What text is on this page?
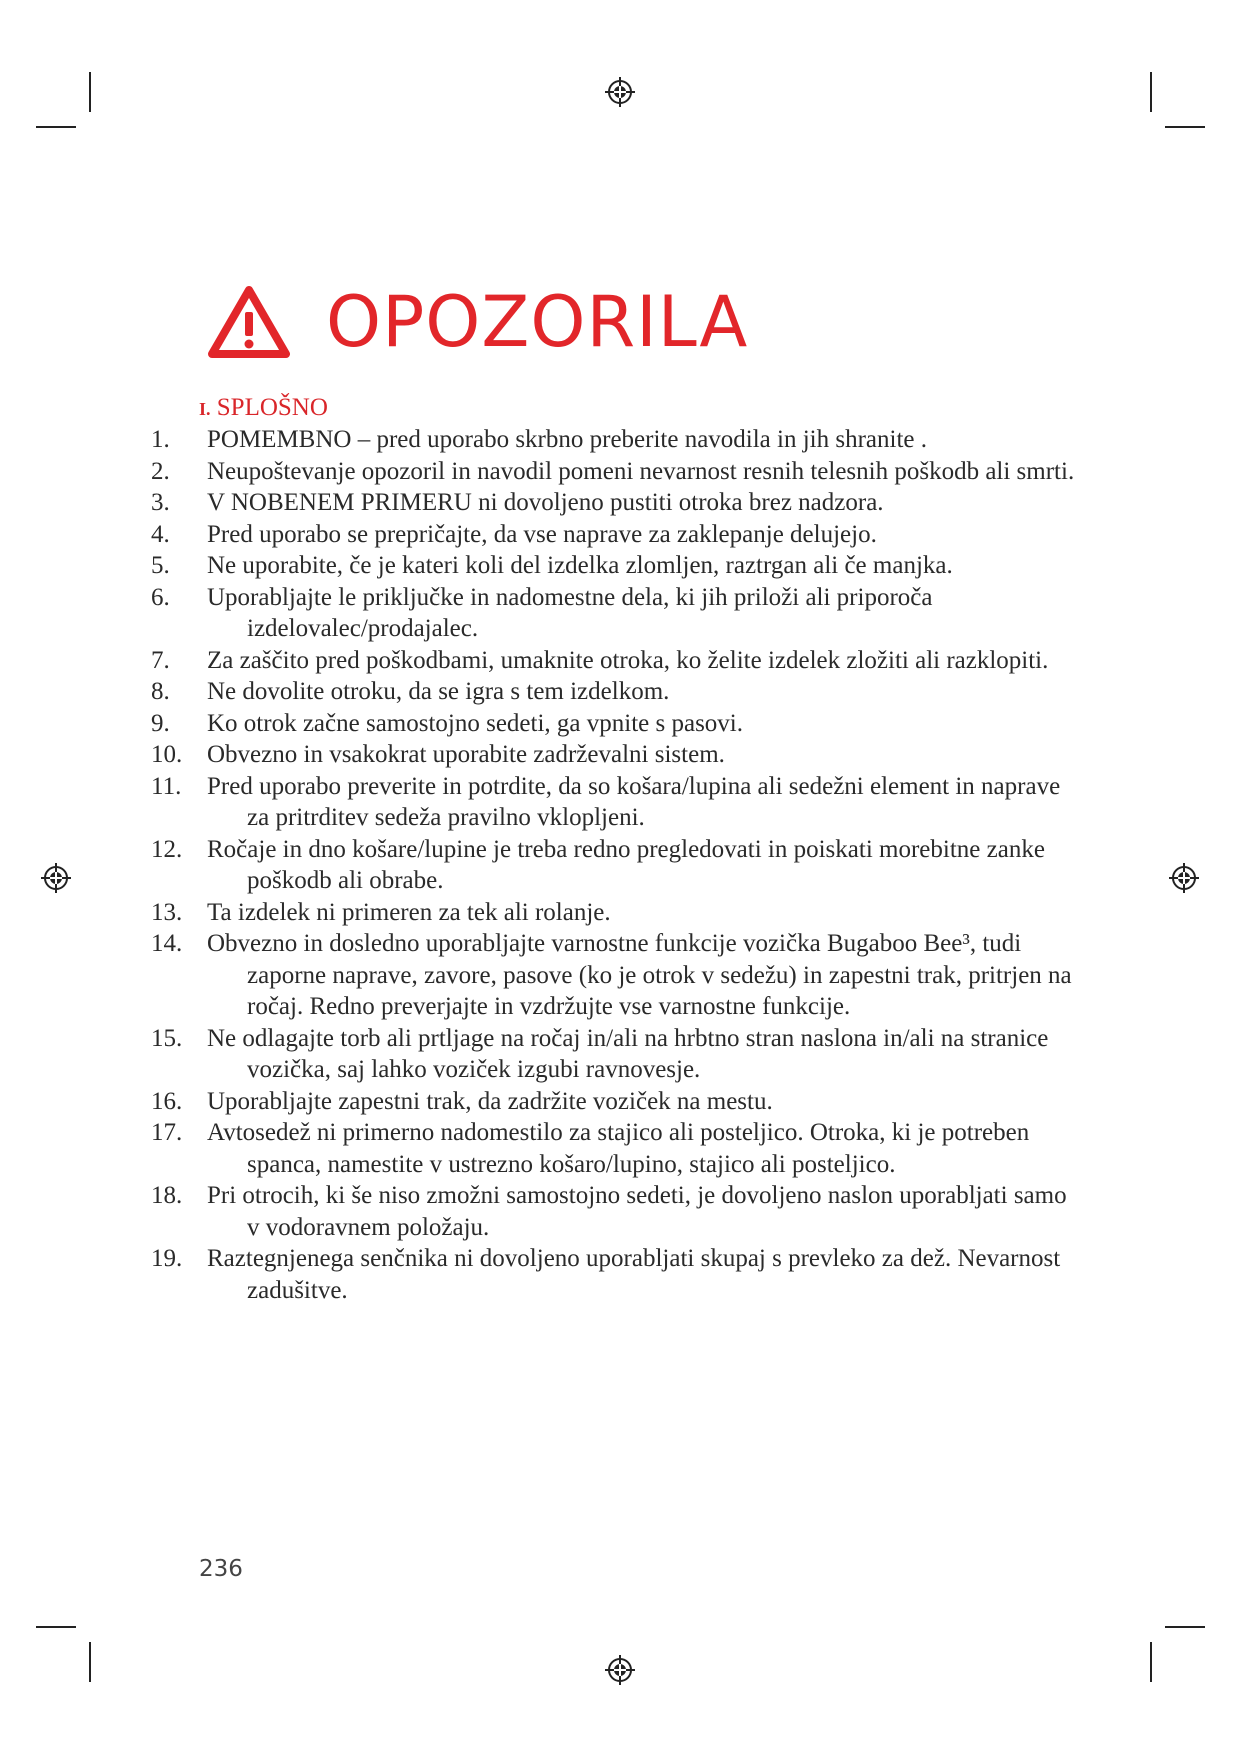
OPOZORILA
I. SPLOŠNO
1. POMEMBNO – pred uporabo skrbno preberite navodila in jih shranite .
2. Neupoštevanje opozoril in navodil pomeni nevarnost resnih telesnih poškodb ali smrti.
3. V NOBENEM PRIMERU ni dovoljeno pustiti otroka brez nadzora.
4. Pred uporabo se prepričajte, da vse naprave za zaklepanje delujejo.
5. Ne uporabite, če je kateri koli del izdelka zlomljen, raztrgan ali če manjka.
6. Uporabljajte le priključke in nadomestne dela, ki jih priloži ali priporoča izdelovalec/prodajalec.
7. Za zaščito pred poškodbami, umaknite otroka, ko želite izdelek zložiti ali razklopiti.
8. Ne dovolite otroku, da se igra s tem izdelkom.
9. Ko otrok začne samostojno sedeti, ga vpnite s pasovi.
10. Obvezno in vsakokrat uporabite zadrževalni sistem.
11. Pred uporabo preverite in potrdite, da so košara/lupina ali sedežni element in naprave za pritrditev sedeža pravilno vklopljeni.
12. Ročaje in dno košare/lupine je treba redno pregledovati in poiskati morebitne zanke poškodb ali obrabe.
13. Ta izdelek ni primeren za tek ali rolanje.
14. Obvezno in dosledno uporabljajte varnostne funkcije vozička Bugaboo Bee³, tudi zaporne naprave, zavore, pasove (ko je otrok v sedežu) in zapestni trak, pritrjen na ročaj. Redno preverjajte in vzdržujte vse varnostne funkcije.
15. Ne odlagajte torb ali prtljage na ročaj in/ali na hrbtno stran naslona in/ali na stranice vozička, saj lahko voziček izgubi ravnovesje.
16. Uporabljajte zapestni trak, da zadržite voziček na mestu.
17. Avtosedež ni primerno nadomestilo za stajico ali posteljico. Otroka, ki je potreben spanca, namestite v ustrezno košaro/lupino, stajico ali posteljico.
18. Pri otrocih, ki še niso zmožni samostojno sedeti, je dovoljeno naslon uporabljati samo v vodoravnem položaju.
19. Raztegnjenega senčnika ni dovoljeno uporabljati skupaj s prevleko za dež. Nevarnost zadušitve.
236
